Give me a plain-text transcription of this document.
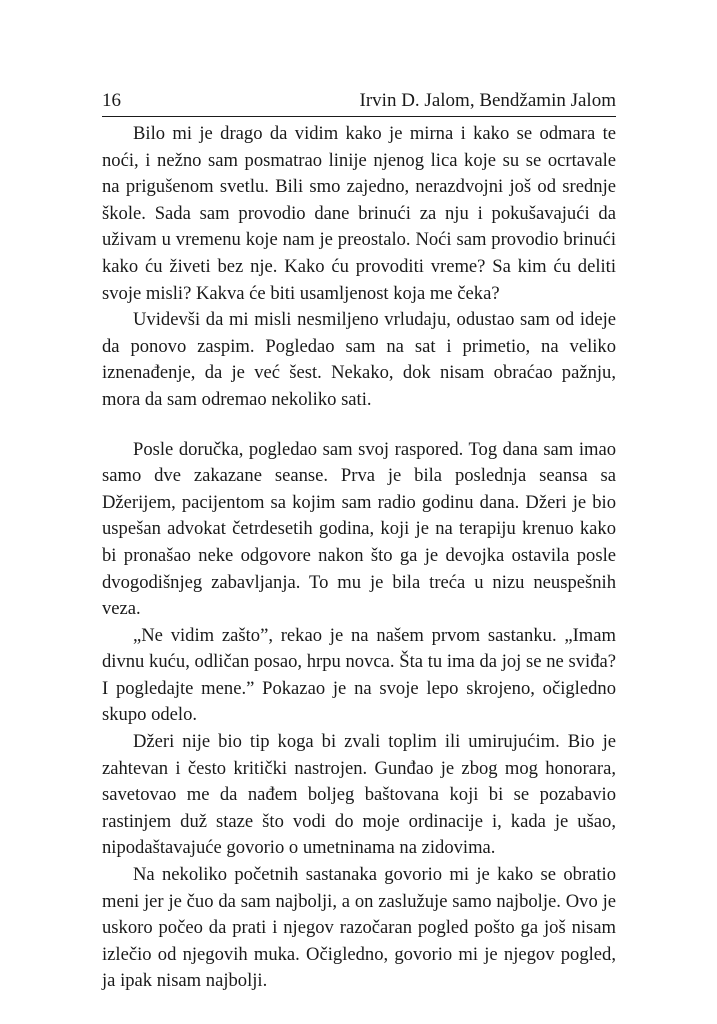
16	Irvin D. Jalom, Bendžamin Jalom

Bilo mi je drago da vidim kako je mirna i kako se odmara te noći, i nežno sam posmatrao linije njenog lica koje su se ocrtavale na prigušenom svetlu. Bili smo zajedno, nerazdvojni još od srednje škole. Sada sam provodio dane brinući za nju i pokušavajući da uživam u vremenu koje nam je preostalo. Noći sam provodio brinući kako ću živeti bez nje. Kako ću provoditi vreme? Sa kim ću deliti svoje misli? Kakva će biti usamljenost koja me čeka?

Uvidevši da mi misli nesmiljeno vrludaju, odustao sam od ideje da ponovo zaspim. Pogledao sam na sat i primetio, na veliko iznenađenje, da je već šest. Nekako, dok nisam obraćao pažnju, mora da sam odremao nekoliko sati.

Posle doručka, pogledao sam svoj raspored. Tog dana sam imao samo dve zakazane seanse. Prva je bila poslednja seansa sa Džerijem, pacijentom sa kojim sam radio godinu dana. Džeri je bio uspešan advokat četrdesetih godina, koji je na terapiju krenuo kako bi pronašao neke odgovore nakon što ga je devojka ostavila posle dvogodišnjeg zabavljanja. To mu je bila treća u nizu neuspešnih veza.

„Ne vidim zašto”, rekao je na našem prvom sastanku. „Imam divnu kuću, odličan posao, hrpu novca. Šta tu ima da joj se ne sviđa? I pogledajte mene.” Pokazao je na svoje lepo skrojeno, očigledno skupo odelo.

Džeri nije bio tip koga bi zvali toplim ili umirujućim. Bio je zahtevan i često kritički nastrojen. Gunđao je zbog mog honorara, savetovao me da nađem boljeg baštovana koji bi se pozabavio rastinjem duž staze što vodi do moje ordinacije i, kada je ušao, nipodaštavajuće govorio o umetninama na zidovima.

Na nekoliko početnih sastanaka govorio mi je kako se obratio meni jer je čuo da sam najbolji, a on zaslužuje samo najbolje. Ovo je uskoro počeo da prati i njegov razočaran pogled pošto ga još nisam izlečio od njegovih muka. Očigledno, govorio mi je njegov pogled, ja ipak nisam najbolji.
